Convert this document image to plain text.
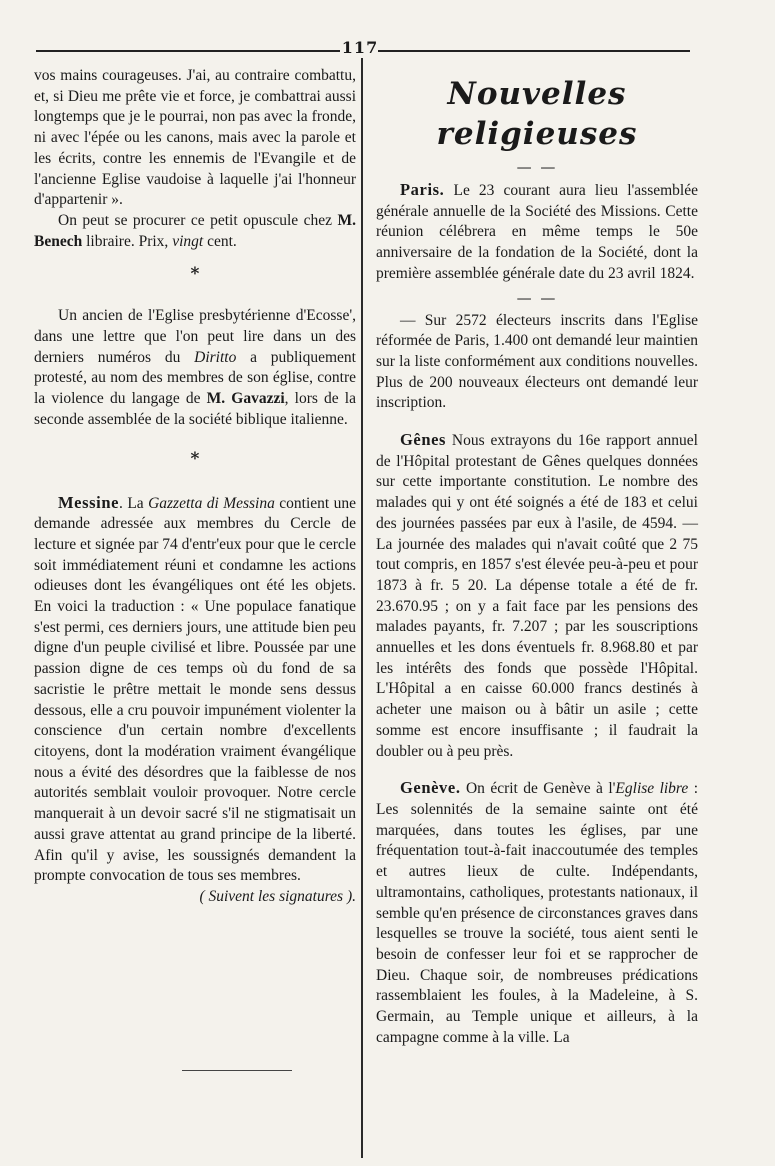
117

vos mains courageuses. J'ai, au contraire combattu, et, si Dieu me prête vie et force, je combattrai aussi longtemps que je le pourrai, non pas avec la fronde, ni avec l'épée ou les canons, mais avec la parole et les écrits, contre les ennemis de l'Evangile et de l'ancienne Eglise vaudoise à laquelle j'ai l'honneur d'appartenir ».

On peut se procurer ce petit opuscule chez M. Benech libraire. Prix, vingt cent.

*

Un ancien de l'Eglise presbytérienne d'Ecosse', dans une lettre que l'on peut lire dans un des derniers numéros du Diritto a publiquement protesté, au nom des membres de son église, contre la violence du langage de M. Gavazzi, lors de la seconde assemblée de la société biblique italienne.

*

Messine. La Gazzetta di Messina contient une demande adressée aux membres du Cercle de lecture et signée par 74 d'entr'eux pour que le cercle soit immédiatement réuni et condamne les actions odieuses dont les évangéliques ont été les objets. En voici la traduction : « Une populace fanatique s'est permi, ces derniers jours, une attitude bien peu digne d'un peuple civilisé et libre. Poussée par une passion digne de ces temps où du fond de sa sacristie le prêtre mettait le monde sens dessus dessous, elle a cru pouvoir impunément violenter la conscience d'un certain nombre d'excellents citoyens, dont la modération vraiment évangélique nous a évité des désordres que la faiblesse de nos autorités semblait vouloir provoquer. Notre cercle manquerait à un devoir sacré s'il ne stigmatisait un aussi grave attentat au grand principe de la liberté. Afin qu'il y avise, les soussignés demandent la prompte convocation de tous ses membres.
( Suivent les signatures ).

Nouvelles religieuses
— —

Paris. Le 23 courant aura lieu l'assemblée générale annuelle de la Société des Missions. Cette réunion célébrera en même temps le 50e anniversaire de la fondation de la Société, dont la première assemblée générale date du 23 avril 1824.

— —

— Sur 2572 électeurs inscrits dans l'Eglise réformée de Paris, 1.400 ont demandé leur maintien sur la liste conformément aux conditions nouvelles. Plus de 200 nouveaux électeurs ont demandé leur inscription.

Gênes Nous extrayons du 16e rapport annuel de l'Hôpital protestant de Gênes quelques données sur cette importante constitution. Le nombre des malades qui y ont été soignés a été de 183 et celui des journées passées par eux à l'asile, de 4594. — La journée des malades qui n'avait coûté que 2 75 tout compris, en 1857 s'est élevée peu-à-peu et pour 1873 à fr. 5 20. La dépense totale a été de fr. 23.670.95 ; on y a fait face par les pensions des malades payants, fr. 7.207 ; par les souscriptions annuelles et les dons éventuels fr. 8.968.80 et par les intérêts des fonds que possède l'Hôpital. L'Hôpital a en caisse 60.000 francs destinés à acheter une maison ou à bâtir un asile ; cette somme est encore insuffisante ; il faudrait la doubler ou à peu près.

Genève. On écrit de Genève à l'Eglise libre : Les solennités de la semaine sainte ont été marquées, dans toutes les églises, par une fréquentation tout-à-fait inaccoutumée des temples et autres lieux de culte. Indépendants, ultramontains, catholiques, protestants nationaux, il semble qu'en présence de circonstances graves dans lesquelles se trouve la société, tous aient senti le besoin de confesser leur foi et se rapprocher de Dieu. Chaque soir, de nombreuses prédications rassemblaient les foules, à la Madeleine, à S. Germain, au Temple unique et ailleurs, à la campagne comme à la ville. La
